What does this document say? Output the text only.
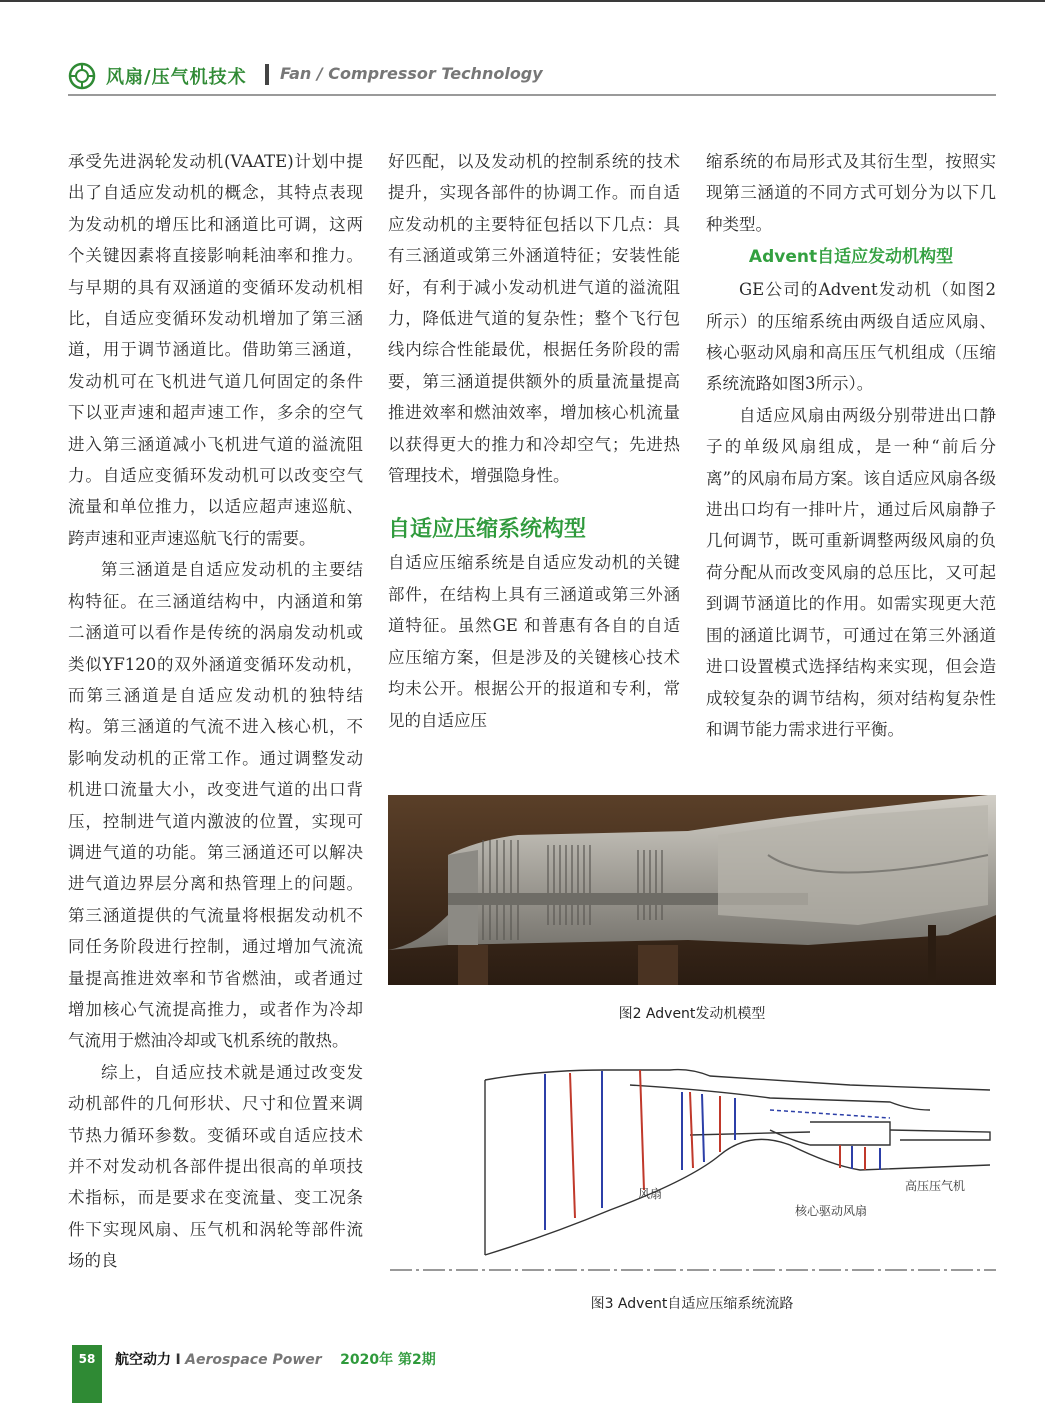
风扇/压气机技术 Fan / Compressor Technology

承受先进涡轮发动机(VAATE)计划中提出了自适应发动机的概念，其特点表现为发动机的增压比和涵道比可调，这两个关键因素将直接影响耗油率和推力。与早期的具有双涵道的变循环发动机相比，自适应变循环发动机增加了第三涵道，用于调节涵道比。借助第三涵道，发动机可在飞机进气道几何固定的条件下以亚声速和超声速工作，多余的空气进入第三涵道减小飞机进气道的溢流阻力。自适应变循环发动机可以改变空气流量和单位推力，以适应超声速巡航、跨声速和亚声速巡航飞行的需要。

第三涵道是自适应发动机的主要结构特征。在三涵道结构中，内涵道和第二涵道可以看作是传统的涡扇发动机或类似YF120的双外涵道变循环发动机，而第三涵道是自适应发动机的独特结构。第三涵道的气流不进入核心机，不影响发动机的正常工作。通过调整发动机进口流量大小，改变进气道的出口背压，控制进气道内激波的位置，实现可调进气道的功能。第三涵道还可以解决进气道边界层分离和热管理上的问题。第三涵道提供的气流量将根据发动机不同任务阶段进行控制，通过增加气流流量提高推进效率和节省燃油，或者通过增加核心气流提高推力，或者作为冷却气流用于燃油冷却或飞机系统的散热。

综上，自适应技术就是通过改变发动机部件的几何形状、尺寸和位置来调节热力循环参数。变循环或自适应技术并不对发动机各部件提出很高的单项技术指标，而是要求在变流量、变工况条件下实现风扇、压气机和涡轮等部件流场的良

好匹配，以及发动机的控制系统的技术提升，实现各部件的协调工作。而自适应发动机的主要特征包括以下几点：具有三涵道或第三外涵道特征；安装性能好，有利于减小发动机进气道的溢流阻力，降低进气道的复杂性；整个飞行包线内综合性能最优，根据任务阶段的需要，第三涵道提供额外的质量流量提高推进效率和燃油效率，增加核心机流量以获得更大的推力和冷却空气；先进热管理技术，增强隐身性。

自适应压缩系统构型

自适应压缩系统是自适应发动机的关键部件，在结构上具有三涵道或第三外涵道特征。虽然GE 和普惠有各自的自适应压缩方案，但是涉及的关键核心技术均未公开。根据公开的报道和专利，常见的自适应压

缩系统的布局形式及其衍生型，按照实现第三涵道的不同方式可划分为以下几种类型。

Advent自适应发动机构型

GE公司的Advent发动机（如图2所示）的压缩系统由两级自适应风扇、核心驱动风扇和高压压气机组成（压缩系统流路如图3所示）。

自适应风扇由两级分别带进出口静子的单级风扇组成，是一种“前后分离”的风扇布局方案。该自适应风扇各级进出口均有一排叶片，通过后风扇静子几何调节，既可重新调整两级风扇的负荷分配从而改变风扇的总压比，又可起到调节涵道比的作用。如需实现更大范围的涵道比调节，可通过在第三外涵道进口设置模式选择结构来实现，但会造成较复杂的调节结构，须对结构复杂性和调节能力需求进行平衡。

图2 Advent发动机模型
风扇
核心驱动风扇
高压压气机
图3 Advent自适应压缩系统流路
58	航空动力 I Aerospace Power 2020年 第2期
